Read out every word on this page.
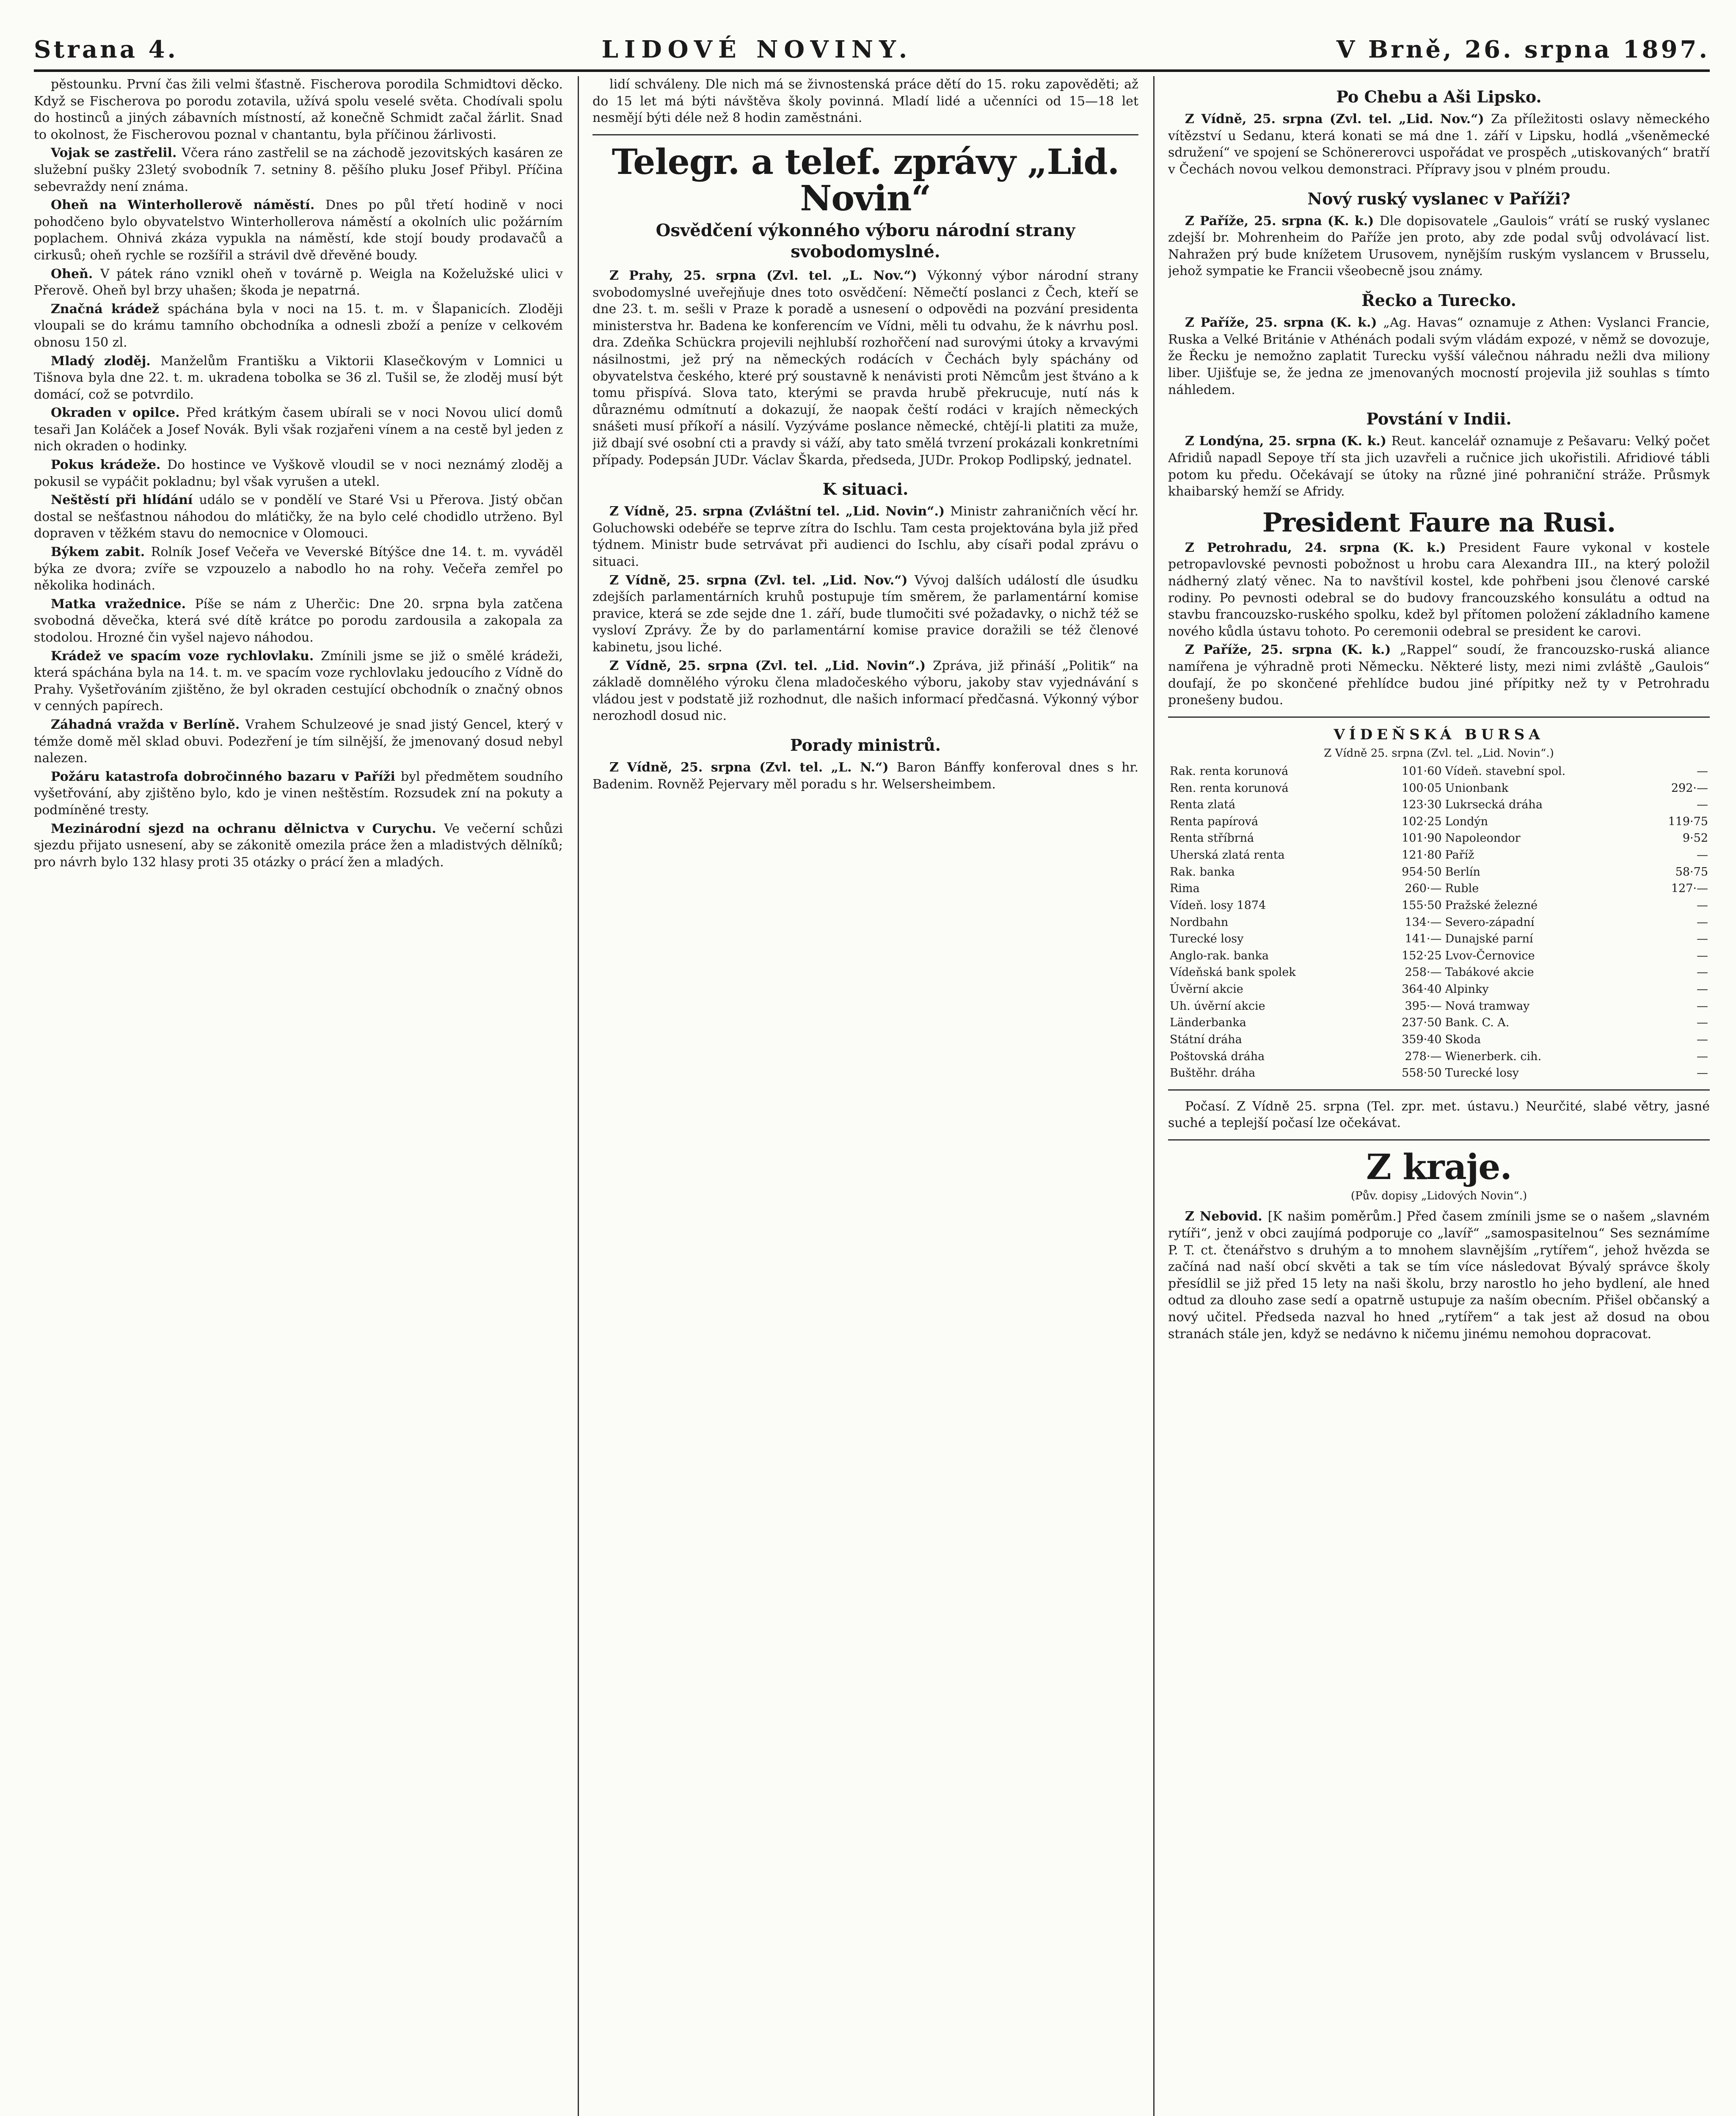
Strana 4.	LIDOVÉ NOVINY.	V Brně, 26. srpna 1897.

pěstounku. První čas žili velmi šťastně. Fischerova porodila Schmidtovi děcko. Když se Fischerova po porodu zotavila, užívá spolu veselé světa. Chodívali spolu do hostinců a jiných zábavních místností, až konečně Schmidt začal žárlit. Snad to okolnost, že Fischerovou poznal v chantantu, byla příčinou žárlivosti.

Vojak se zastřelil. Včera ráno zastřelil se na záchodě jezovitských kasáren ze služební pušky 23letý svobodník 7. setniny 8. pěšího pluku Josef Přibyl. Příčina sebevraždy není známa.

Oheň na Winterhollerově náměstí. Dnes po půl třetí hodině v noci pohodčeno bylo obyvatelstvo Winterhollerova náměstí a okolních ulic požárním poplachem. Ohnivá zkáza vypukla na náměstí, kde stojí boudy prodavačů a cirkusů; oheň rychle se rozšířil a strávil dvě dřevěné boudy.

Oheň. V pátek ráno vznikl oheň v továrně p. Weigla na Koželužské ulici v Přerově. Oheň byl brzy uhašen; škoda je nepatrná.

Značná krádež spáchána byla v noci na 15. t. m. v Šlapanicích. Zloději vloupali se do krámu tamního obchodníka a odnesli zboží a peníze v celkovém obnosu 150 zl.

Mladý zloděj. Manželům Františku a Viktorii Klasečkovým v Lomnici u Tišnova byla dne 22. t. m. ukradena tobolka se 36 zl. Tušil se, že zloděj musí být domácí, což se potvrdilo.

Okraden v opilce. Před krátkým časem ubírali se v noci Novou ulicí domů tesaři Jan Koláček a Josef Novák. Byli však rozjařeni vínem a na cestě byl jeden z nich okraden o hodinky.

Pokus krádeže. Do hostince ve Vyškově vloudil se v noci neznámý zloděj a pokusil se vypáčit pokladnu; byl však vyrušen a utekl.

Neštěstí při hlídání událo se v pondělí ve Staré Vsi u Přerova. Jistý občan dostal se nešťastnou náhodou do mlátičky, že na bylo celé chodidlo utrženo. Byl dopraven v těžkém stavu do nemocnice v Olomouci.

Býkem zabit. Rolník Josef Večeřa ve Veverské Bítýšce dne 14. t. m. vyváděl býka ze dvora; zvíře se vzpouzelo a nabodlo ho na rohy. Večeřa zemřel po několika hodinách.

Matka vražednice. Píše se nám z Uherčic: Dne 20. srpna byla zatčena svobodná děvečka, která své dítě krátce po porodu zardousila a zakopala za stodolou. Hrozné čin vyšel najevo náhodou.

Krádež ve spacím voze rychlovlaku. Zmínili jsme se již o smělé krádeži, která spáchána byla na 14. t. m. ve spacím voze rychlovlaku jedoucího z Vídně do Prahy. Vyšetřováním zjištěno, že byl okraden cestující obchodník o značný obnos v cenných papírech.

Záhadná vražda v Berlíně. Vrahem Schulzeové je snad jistý Gencel, který v témže domě měl sklad obuvi. Podezření je tím silnější, že jmenovaný dosud nebyl nalezen.

Požáru katastrofa dobročinného bazaru v Paříži byl předmětem soudního vyšetřování, aby zjištěno bylo, kdo je vinen neštěstím. Rozsudek zní na pokuty a podmíněné tresty.

Mezinárodní sjezd na ochranu dělnictva v Curychu. Ve večerní schůzi sjezdu přijato usnesení, aby se zákonitě omezila práce žen a mladistvých dělníků; pro návrh bylo 132 hlasy proti 35 otázky o prácí žen a mladých.

lidí schváleny. Dle nich má se živnostenská práce dětí do 15. roku zapověděti; až do 15 let má býti návštěva školy povinná. Mladí lidé a učenníci od 15—18 let nesmějí býti déle než 8 hodin zaměstnáni.

Telegr. a telef. zprávy „Lid. Novin“
Osvědčení výkonného výboru národní strany svobodomyslné.

Z Prahy, 25. srpna (Zvl. tel. „L. Nov.“) Výkonný výbor národní strany svobodomyslné uveřejňuje dnes toto osvědčení: Němečtí poslanci z Čech, kteří se dne 23. t. m. sešli v Praze k poradě a usnesení o odpovědi na pozvání presidenta ministerstva hr. Badena ke konferencím ve Vídni, měli tu odvahu, že k návrhu posl. dra. Zdeňka Schückra projevili nejhlubší rozhořčení nad surovými útoky a krvavými násilnostmi, jež prý na německých rodácích v Čechách byly spáchány od obyvatelstva českého, které prý soustavně k nenávisti proti Němcům jest štváno a k tomu přispívá. Slova tato, kterými se pravda hrubě překrucuje, nutí nás k důraznému odmítnutí a dokazují, že naopak čeští rodáci v krajích německých snášeti musí příkoří a násilí. Vyzýváme poslance německé, chtějí-li platiti za muže, již dbají své osobní cti a pravdy si váží, aby tato smělá tvrzení prokázali konkretními případy. Podepsán JUDr. Václav Škarda, předseda, JUDr. Prokop Podlipský, jednatel.

K situaci.

Z Vídně, 25. srpna (Zvláštní tel. „Lid. Novin“.) Ministr zahraničních věcí hr. Goluchowski odebéře se teprve zítra do Ischlu. Tam cesta projektována byla již před týdnem. Ministr bude setrvávat při audienci do Ischlu, aby císaři podal zprávu o situaci.

Z Vídně, 25. srpna (Zvl. tel. „Lid. Nov.“) Vývoj dalších událostí dle úsudku zdejších parlamentárních kruhů postupuje tím směrem, že parlamentární komise pravice, která se zde sejde dne 1. září, bude tlumočiti své požadavky, o nichž též se vysloví Zprávy. Že by do parlamentární komise pravice doražili se též členové kabinetu, jsou liché.

Z Vídně, 25. srpna (Zvl. tel. „Lid. Novin“.) Zpráva, již přináší „Politik“ na základě domnělého výroku člena mladočeského výboru, jakoby stav vyjednávání s vládou jest v podstatě již rozhodnut, dle našich informací předčasná. Výkonný výbor nerozhodl dosud nic.

Porady ministrů.

Z Vídně, 25. srpna (Zvl. tel. „L. N.“) Baron Bánffy konferoval dnes s hr. Badenim. Rovněž Pejervary měl poradu s hr. Welsersheimbem.

Po Chebu a Aši Lipsko.

Z Vídně, 25. srpna (Zvl. tel. „Lid. Nov.“) Za příležitosti oslavy německého vítězství u Sedanu, která konati se má dne 1. září v Lipsku, hodlá „všeněmecké sdružení“ ve spojení se Schönererovci uspořádat ve prospěch „utiskovaných“ bratří v Čechách novou velkou demonstraci. Přípravy jsou v plném proudu.

Nový ruský vyslanec v Paříži?

Z Paříže, 25. srpna (K. k.) Dle dopisovatele „Gaulois“ vrátí se ruský vyslanec zdejší br. Mohrenheim do Paříže jen proto, aby zde podal svůj odvolávací list. Nahražen prý bude knížetem Urusovem, nynějším ruským vyslancem v Brusselu, jehož sympatie ke Francii všeobecně jsou známy.

Řecko a Turecko.

Z Paříže, 25. srpna (K. k.) „Ag. Havas“ oznamuje z Athen: Vyslanci Francie, Ruska a Velké Británie v Athénách podali svým vládám expozé, v němž se dovozuje, že Řecku je nemožno zaplatit Turecku vyšší válečnou náhradu nežli dva miliony liber. Ujišťuje se, že jedna ze jmenovaných mocností projevila již souhlas s tímto náhledem.

Povstání v Indii.

Z Londýna, 25. srpna (K. k.) Reut. kancelář oznamuje z Pešavaru: Velký počet Afridiů napadl Sepoye tří sta jich uzavřeli a ručnice jich ukořistili. Afridiové tábli potom ku předu. Očekávají se útoky na různé jiné pohraniční stráže. Průsmyk khaibarský hemží se Afridy.

President Faure na Rusi.

Z Petrohradu, 24. srpna (K. k.) President Faure vykonal v kostele petropavlovské pevnosti pobožnost u hrobu cara Alexandra III., na který položil nádherný zlatý věnec. Na to navštívil kostel, kde pohřbeni jsou členové carské rodiny. Po pevnosti odebral se do budovy francouzského konsulátu a odtud na stavbu francouzsko-ruského spolku, kdež byl přítomen položení základního kamene nového kůdla ústavu tohoto. Po ceremonii odebral se president ke carovi.

Z Paříže, 25. srpna (K. k.) „Rappel“ soudí, že francouzsko-ruská aliance namířena je výhradně proti Německu. Některé listy, mezi nimi zvláště „Gaulois“ doufají, že po skončené přehlídce budou jiné přípitky než ty v Petrohradu pronešeny budou.

VÍDEŇSKÁ BURSA
Z Vídně 25. srpna (Zvl. tel. „Lid. Novin“.)
Rak. renta korunová	101·60	Vídeň. stavební spol.	—
Ren. renta korunová	100·05	Unionbank	292·—
Renta zlatá	123·30	Lukrsecká dráha	—
Renta papírová	102·25	Londýn	119·75
Renta stříbrná	101·90	Napoleondor	9·52
Uherská zlatá renta	121·80	Paříž	—
Rak. banka	954·50	Berlín	58·75
Rima	260·—	Ruble	127·—
Vídeň. losy 1874	155·50	Pražské železné	—
Nordbahn	134·—	Severo-západní	—
Turecké losy	141·—	Dunajské parní	—
Anglo-rak. banka	152·25	Lvov-Černovice	—
Vídeňská bank spolek	258·—	Tabákové akcie	—
Úvěrní akcie	364·40	Alpinky	—
Uh. úvěrní akcie	395·—	Nová tramway	—
Länderbanka	237·50	Bank. C. A.	—
Státní dráha	359·40	Skoda	—
Poštovská dráha	278·—	Wienerberk. cih.	—
Buštěhr. dráha	558·50	Turecké losy	—

Počasí. Z Vídně 25. srpna (Tel. zpr. met. ústavu.) Neurčité, slabé větry, jasné suché a teplejší počasí lze očekávat.

Z kraje.
(Pův. dopisy „Lidových Novin“.)

Z Nebovid. [K našim poměrům.] Před časem zmínili jsme se o našem „slavném rytíři“, jenž v obci zaujímá podporuje co „lavíř“ „samospasitelnou“ Ses seznámíme P. T. ct. čtenářstvo s druhým a to mnohem slavnějším „rytířem“, jehož hvězda se začíná nad naší obcí skvěti a tak se tím více následovat Bývalý správce školy přesídlil se již před 15 lety na naši školu, brzy narostlo ho jeho bydlení, ale hned odtud za dlouho zase sedí a opatrně ustupuje za naším obecním. Přišel občanský a nový učitel. Předseda nazval ho hned „rytířem“ a tak jest až dosud na obou stranách stále jen, když se nedávno k ničemu jinému nemohou dopracovat.
